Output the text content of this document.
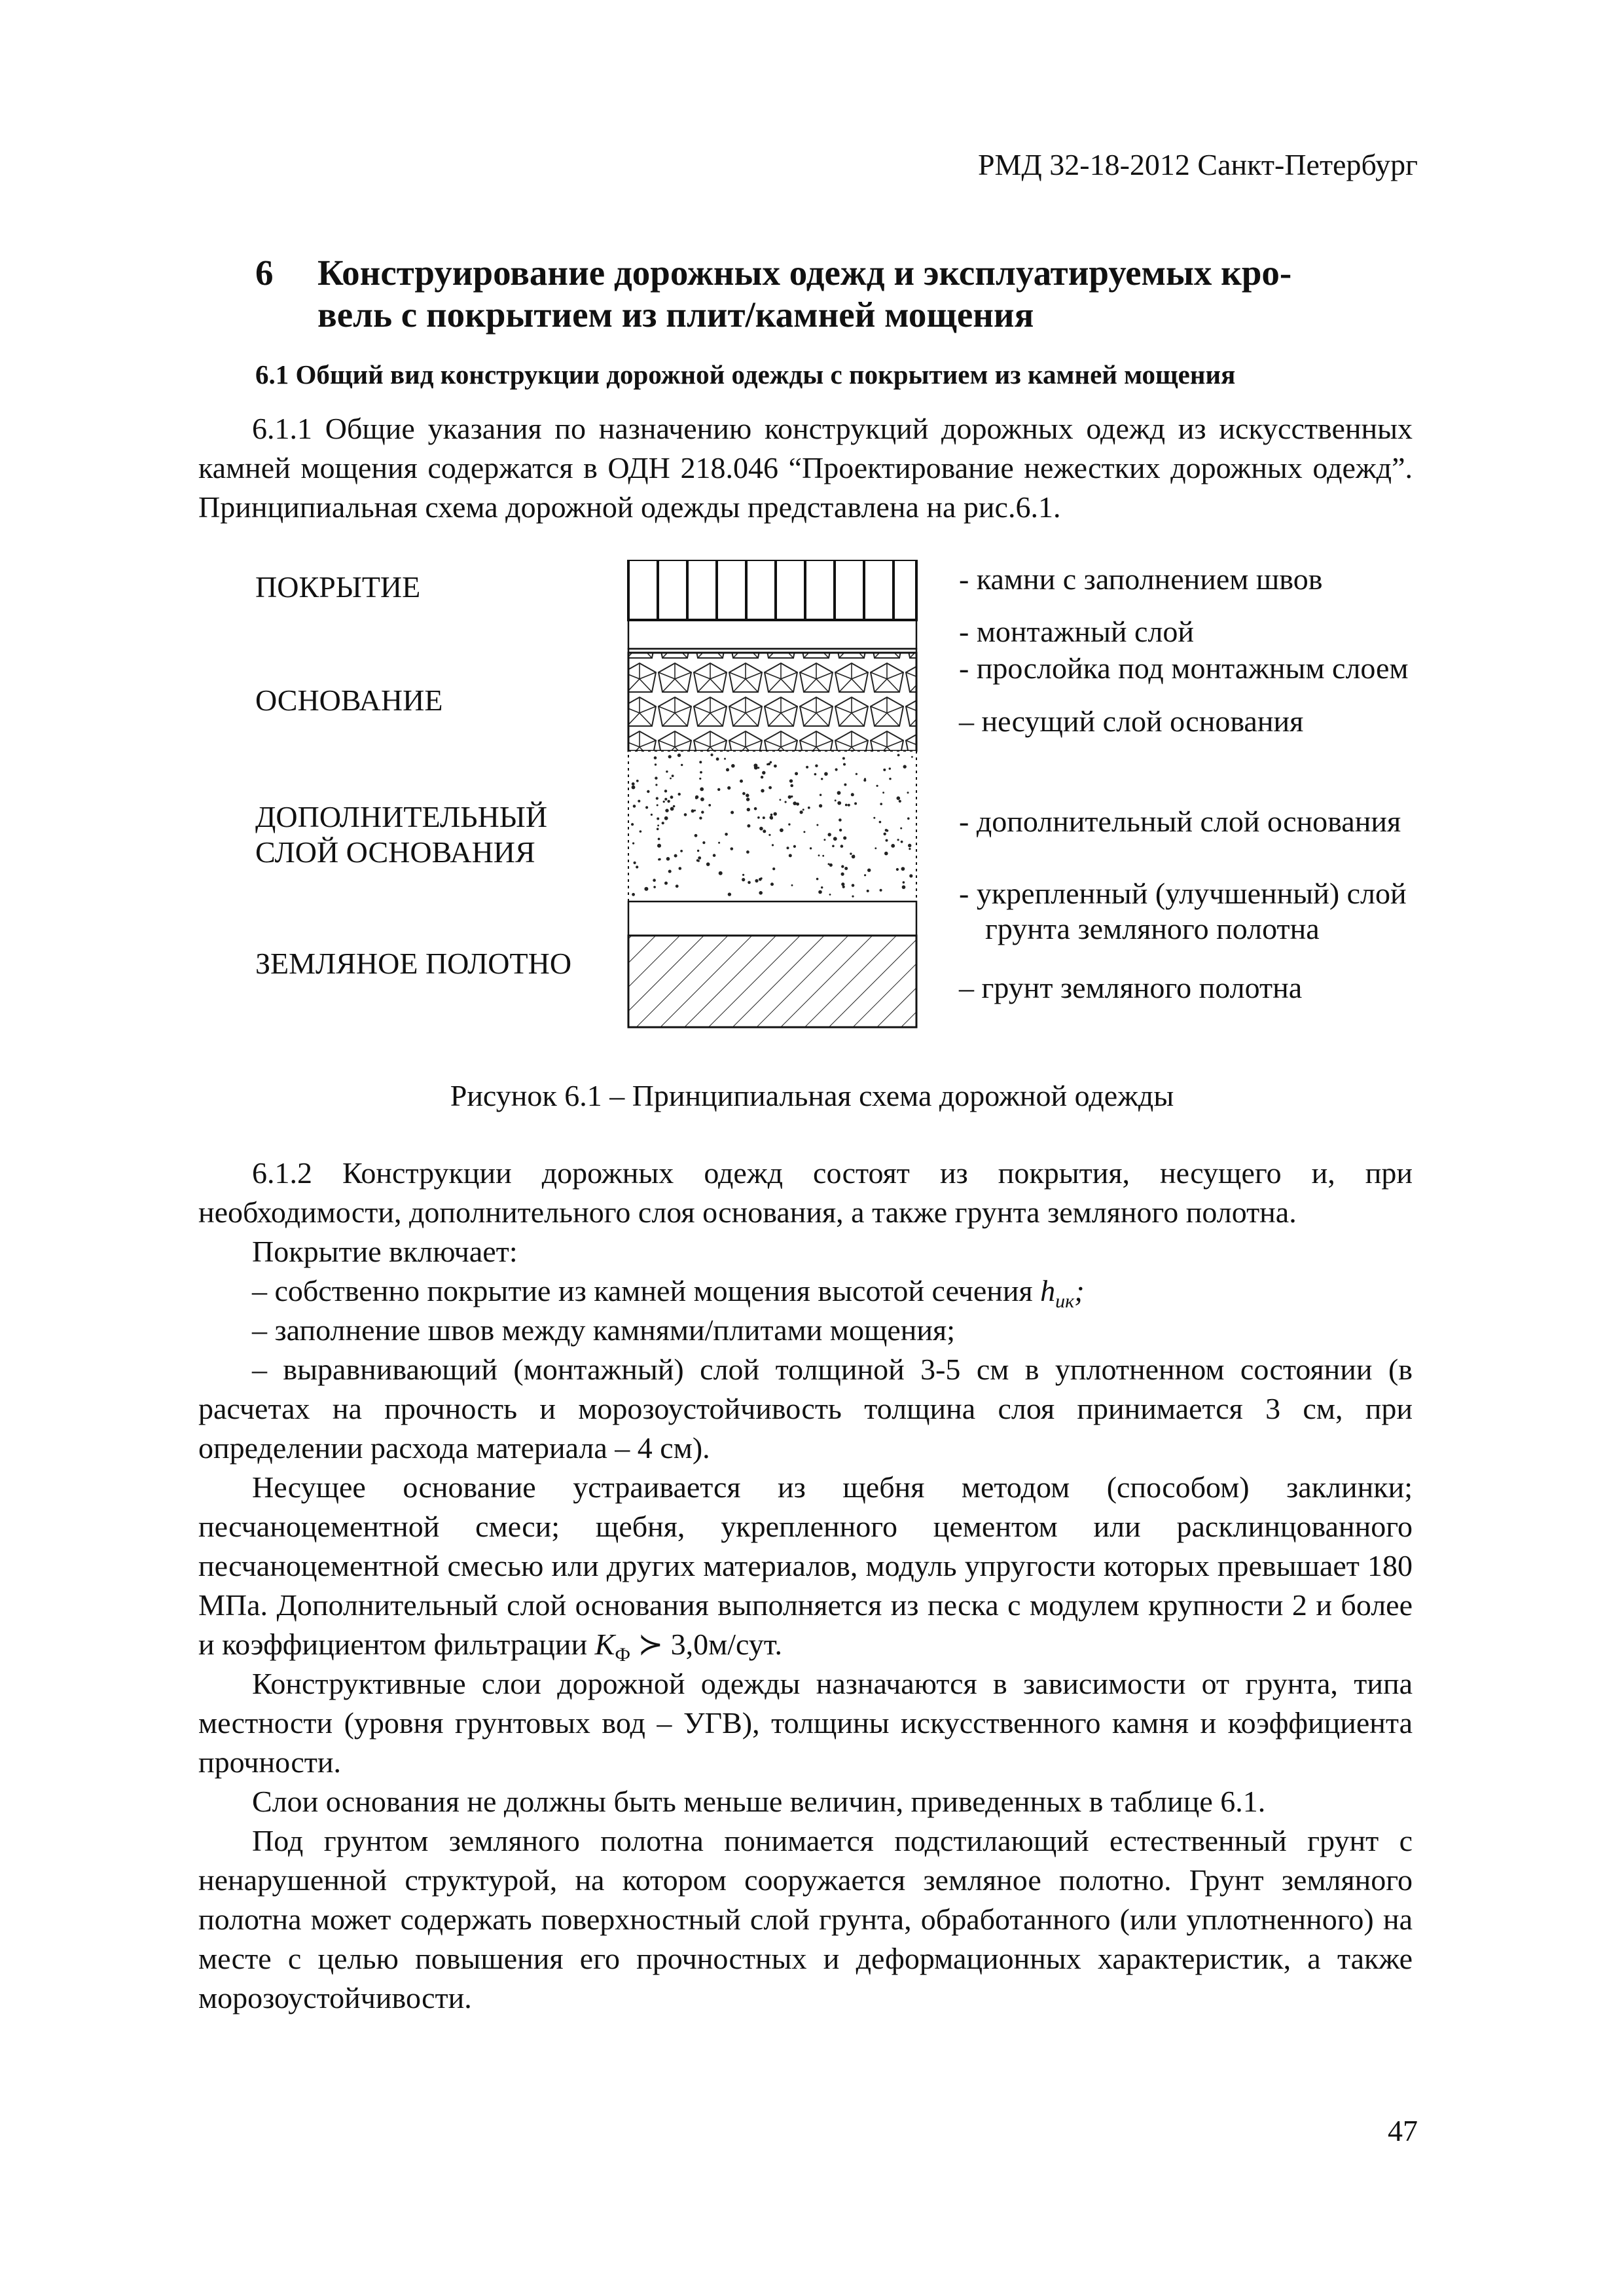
РМД 32-18-2012 Санкт-Петербург
6 Конструирование дорожных одежд и эксплуатируемых кро-
вель с покрытием из плит/камней мощения
6.1 Общий вид конструкции дорожной одежды с покрытием из камней мощения

6.1.1 Общие указания по назначению конструкций дорожных одежд из искусственных камней мощения содержатся в ОДН 218.046 “Проектирование нежестких дорожных одежд”. Принципиальная схема дорожной одежды представлена на рис.6.1.

ПОКРЫТИЕ
ОСНОВАНИЕ
ДОПОЛНИТЕЛЬНЫЙ
СЛОЙ ОСНОВАНИЯ
ЗЕМЛЯНОЕ ПОЛОТНО
- камни с заполнением швов
- монтажный слой
- прослойка под монтажным слоем
– несущий слой основания
- дополнительный слой основания
- укрепленный (улучшенный) слой
грунта земляного полотна
– грунт земляного полотна
Рисунок 6.1 – Принципиальная схема дорожной одежды

6.1.2 Конструкции дорожных одежд состоят из покрытия, несущего и, при необходимости, дополнительного слоя основания, а также грунта земляного полотна.

Покрытие включает:
– собственно покрытие из камней мощения высотой сечения $h_{ик}$;
– заполнение швов между камнями/плитами мощения;

– выравнивающий (монтажный) слой толщиной 3-5 см в уплотненном состоянии (в расчетах на прочность и морозоустойчивость толщина слоя принимается 3 см, при определении расхода материала – 4 см).

Несущее основание устраивается из щебня методом (способом) заклинки; песчаноцементной смеси; щебня, укрепленного цементом или расклинцованного песчаноцементной смесью или других материалов, модуль упругости которых превышает 180 МПа. Дополнительный слой основания выполняется из песка с модулем крупности 2 и более и коэффициентом фильтрации $K_Ф$ ≻ 3,0м/сут.

Конструктивные слои дорожной одежды назначаются в зависимости от грунта, типа местности (уровня грунтовых вод – УГВ), толщины искусственного камня и коэффициента прочности.

Слои основания не должны быть меньше величин, приведенных в таблице 6.1.

Под грунтом земляного полотна понимается подстилающий естественный грунт с ненарушенной структурой, на котором сооружается земляное полотно. Грунт земляного полотна может содержать поверхностный слой грунта, обработанного (или уплотненного) на месте с целью повышения его прочностных и деформационных характеристик, а также морозоустойчивости.

47
